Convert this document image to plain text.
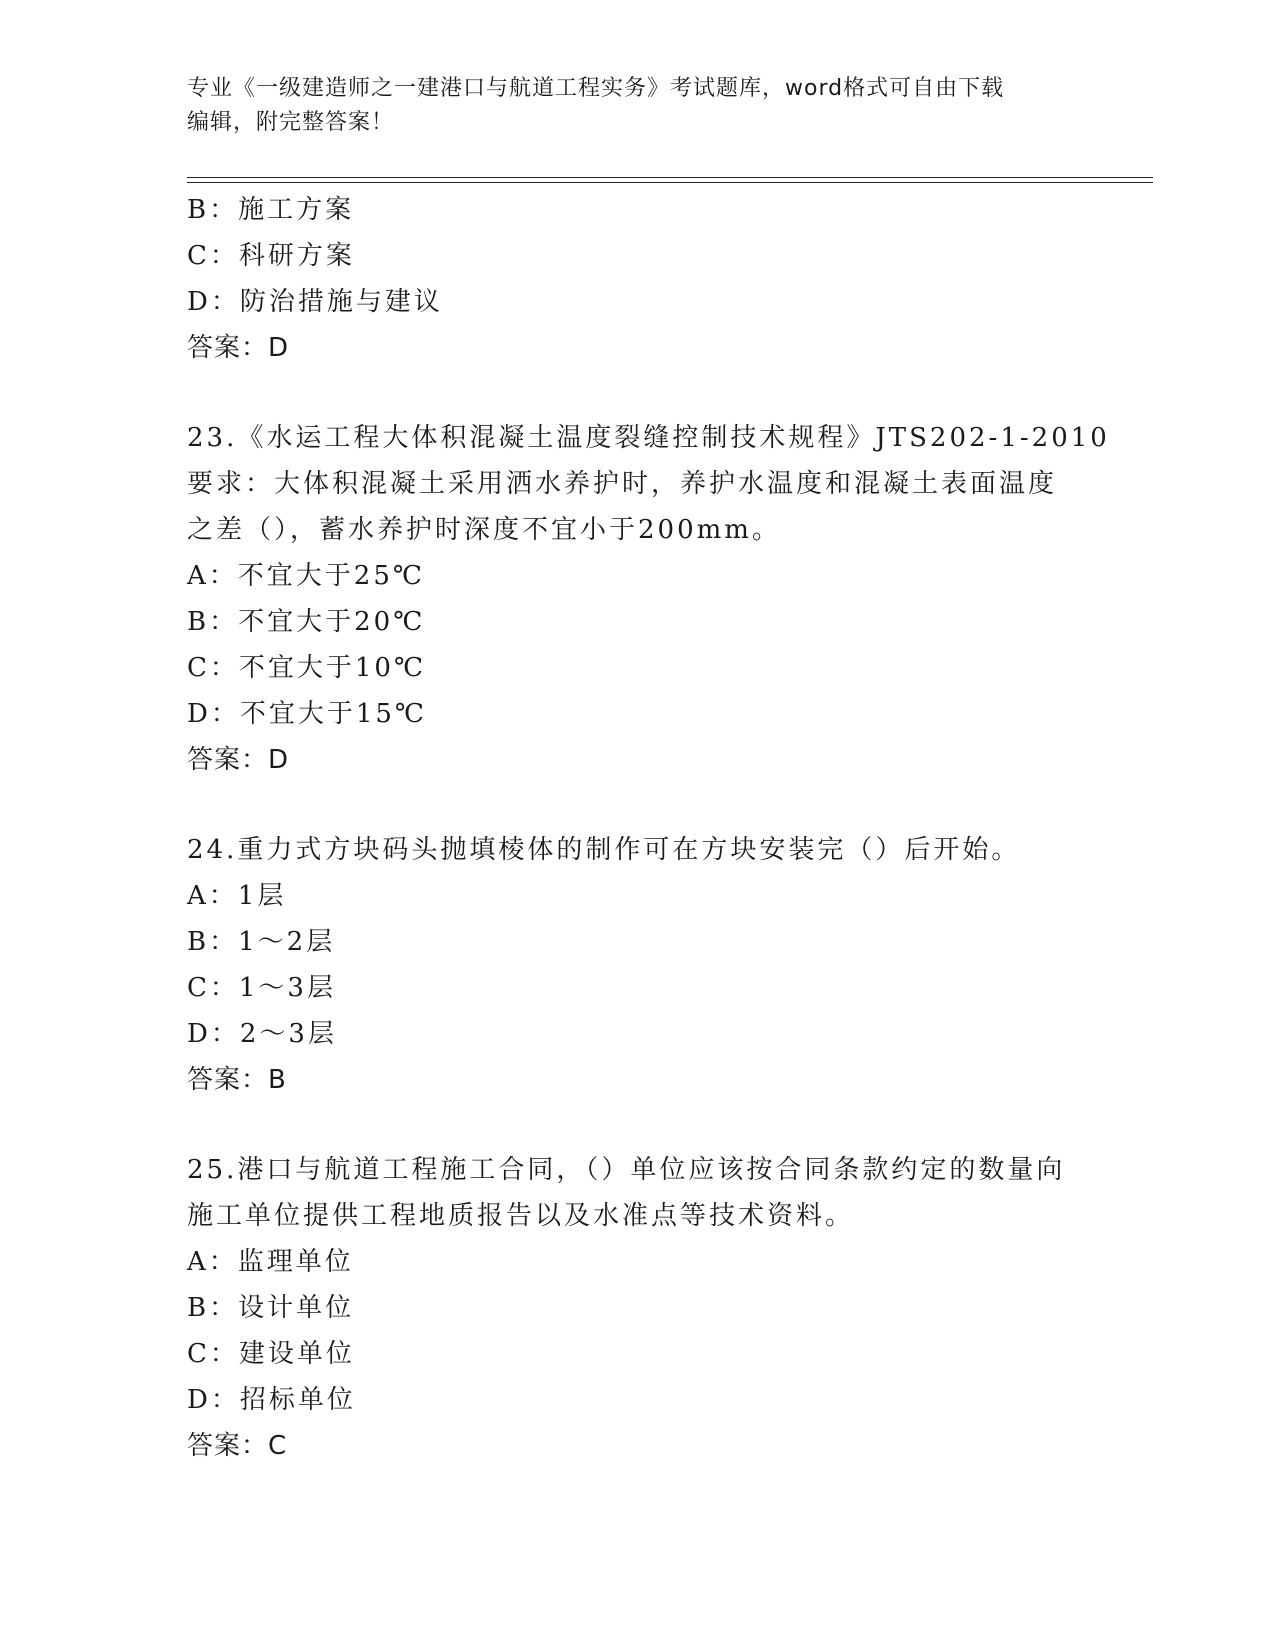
专业《一级建造师之一建港口与航道工程实务》考试题库，word格式可自由下载
编辑，附完整答案！
B：施工方案
C：科研方案
D：防治措施与建议
答案：D
23.《水运工程大体积混凝土温度裂缝控制技术规程》JTS202-1-2010
要求：大体积混凝土采用洒水养护时，养护水温度和混凝土表面温度
之差（），蓄水养护时深度不宜小于200mm。
A：不宜大于25℃
B：不宜大于20℃
C：不宜大于10℃
D：不宜大于15℃
答案：D
24.重力式方块码头抛填棱体的制作可在方块安装完（）后开始。
A：1层
B：1～2层
C：1～3层
D：2～3层
答案：B
25.港口与航道工程施工合同，（）单位应该按合同条款约定的数量向
施工单位提供工程地质报告以及水准点等技术资料。
A：监理单位
B：设计单位
C：建设单位
D：招标单位
答案：C
